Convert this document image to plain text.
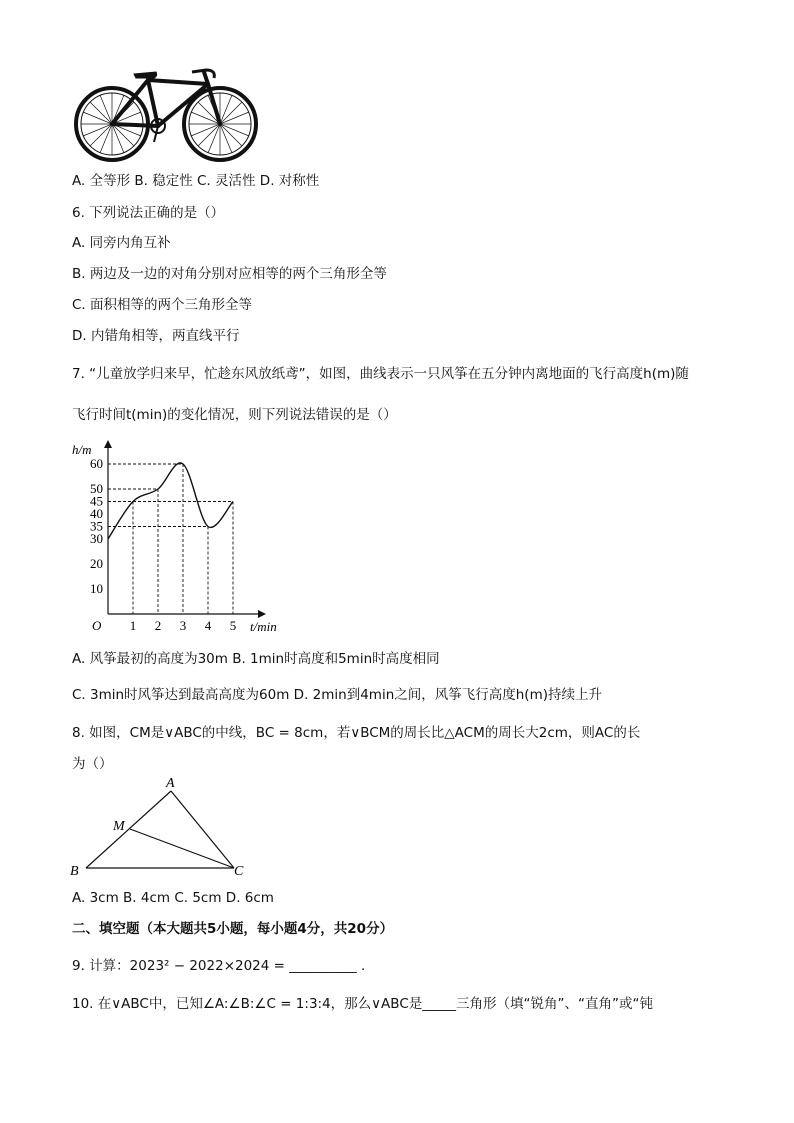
A. 全等形 B. 稳定性 C. 灵活性 D. 对称性
6. 下列说法正确的是（）
A. 同旁内角互补
B. 两边及一边的对角分别对应相等的两个三角形全等
C. 面积相等的两个三角形全等
D. 内错角相等，两直线平行
7. “儿童放学归来早，忙趁东风放纸鸢”，如图，曲线表示一只风筝在五分钟内离地面的飞行高度h(m)随
飞行时间t(min)的变化情况，则下列说法错误的是（）
h/m
t/min
O
10
20
30
35
40
45
50
60
1 2 3 4 5
A. 风筝最初的高度为30m B. 1min时高度和5min时高度相同
C. 3min时风筝达到最高高度为60m D. 2min到4min之间，风筝飞行高度h(m)持续上升
8. 如图，CM是∨ABC的中线，BC = 8cm，若∨BCM的周长比△ACM的周长大2cm，则AC的长
为（）
A
B	C
M
A. 3cm B. 4cm C. 5cm D. 6cm
二、填空题（本大题共5小题，每小题4分，共20分）
9. 计算：2023² − 2022×2024 = __________ .
10. 在∨ABC中，已知∠A:∠B:∠C = 1:3:4，那么∨ABC是_____三角形（填“锐角”、“直角”或“钝
